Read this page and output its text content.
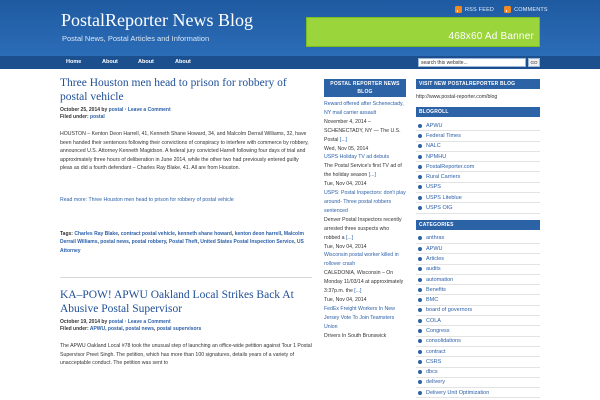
PostalReporter News Blog
Postal News, Postal Articles and Information
RSS FEED	COMMENTS
468x60 Ad Banner
Home	About	About	About
search this website...	GO
Three Houston men head to prison for robbery of postal vehicle
October 25, 2014 by postal · Leave a Comment
Filed under: postal

HOUSTON – Kenton Deon Harrell, 41, Kenneth Shane Howard, 34, and Malcolm Derrail Williams, 32, have been handed their sentences following their convictions of conspiracy to interfere with commerce by robbery, announced U.S. Attorney Kenneth Magidson. A federal jury convicted Harrell following four days of trial and approximately three hours of deliberation in June 2014, while the other two had previously entered guilty pleas as did a fourth defendant – Charles Ray Blake, 41. All are from Houston.

Read more: Three Houston men head to prison for robbery of postal vehicle
Tags: Charles Ray Blake, contract postal vehicle, kenneth shane howard, kenton deon harrell, Malcolm Derrail Williams, postal news, postal robbery, Postal Theft, United States Postal Inspection Service, US Attorney
KA–POW! APWU Oakland Local Strikes Back At Abusive Postal Supervisor
October 19, 2014 by postal · Leave a Comment
Filed under: APWU, postal, postal news, postal supervisors

The APWU Oakland Local #78 took the unusual step of launching an office-wide petition against Tour 1 Postal Supervisor Preet Singh. The petition, which has more than 100 signatures, details years of a variety of unacceptable conduct. The petition was sent to

POSTAL REPORTER NEWS BLOG
Reward offered after Schenectady, NY mail carrier assault
November 4, 2014 – SCHENECTADY, NY — The U.S. Postal [...]
Wed, Nov 05, 2014
USPS Holiday TV ad debuts
The Postal Service's first TV ad of the holiday season [...]
Tue, Nov 04, 2014
USPS: Postal Inspectors: don't play around- Three postal robbers sentenced
Denver Postal Inspectors recently arrested three suspects who robbed a [...]
Tue, Nov 04, 2014
Wisconsin postal worker killed in rollover crash
CALEDONIA, Wisconsin – On Monday 11/03/14 at approximately 3:37p.m. the [...]
Tue, Nov 04, 2014
FedEx Freight Workers In New Jersey Vote To Join Teamsters Union
Drivers In South Brunswick
VISIT NEW POSTALREPORTER BLOG
http://www.postal-reporter.com/blog
BLOGROLL
APWU
Federal Times
NALC
NPMHU
PostalReporter.com
Rural Carriers
USPS
USPS Liteblue
USPS OIG
CATEGORIES
anthrax
APWU
Articles
audits
automation
Benefits
BMC
board of governors
COLA
Congress
consolidations
contract
CSRS
dbcs
delivery
Delivery Unit Optimization
